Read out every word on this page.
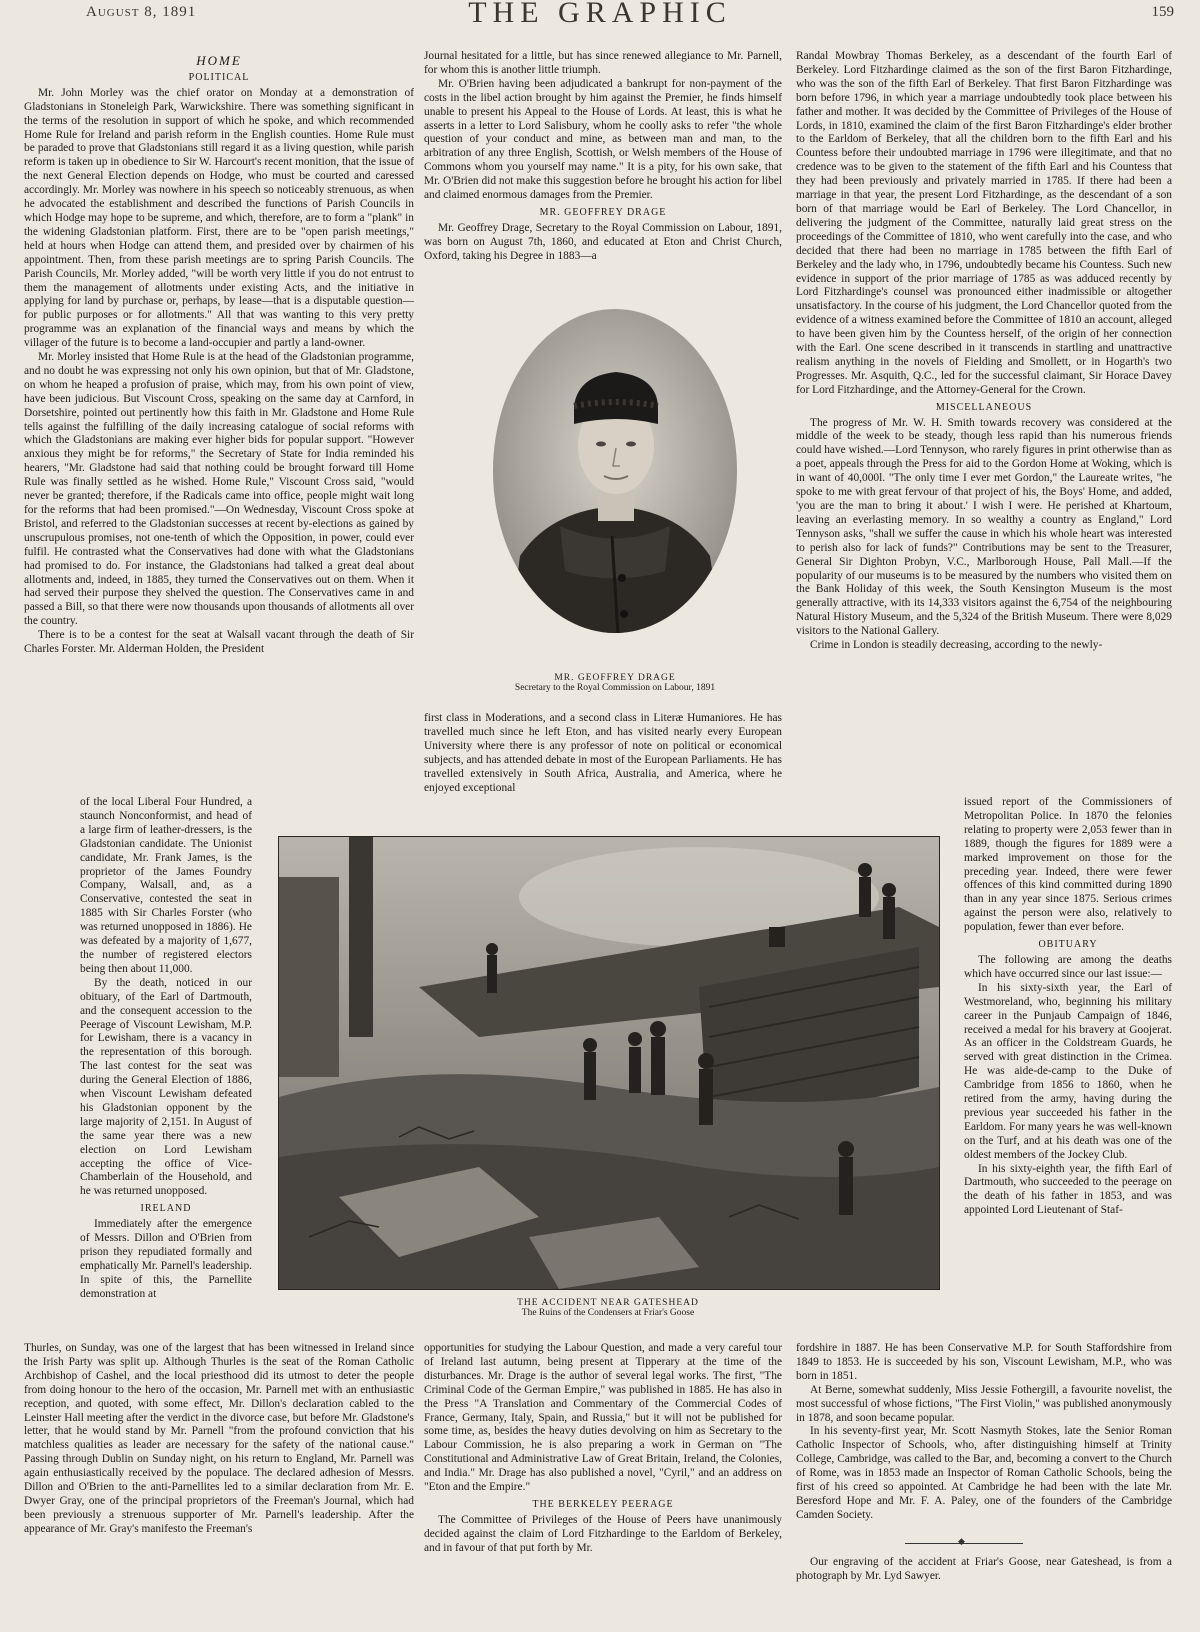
August 8, 1891	THE GRAPHIC	159
HOME
POLITICAL

Mr. John Morley was the chief orator on Monday at a demonstration of Gladstonians in Stoneleigh Park, Warwickshire. There was something significant in the terms of the resolution in support of which he spoke, and which recommended Home Rule for Ireland and parish reform in the English counties. Home Rule must be paraded to prove that Gladstonians still regard it as a living question, while parish reform is taken up in obedience to Sir W. Harcourt's recent monition, that the issue of the next General Election depends on Hodge, who must be courted and caressed accordingly. Mr. Morley was nowhere in his speech so noticeably strenuous, as when he advocated the establishment and described the functions of Parish Councils in which Hodge may hope to be supreme, and which, therefore, are to form a "plank" in the widening Gladstonian platform. First, there are to be "open parish meetings," held at hours when Hodge can attend them, and presided over by chairmen of his appointment. Then, from these parish meetings are to spring Parish Councils. The Parish Councils, Mr. Morley added, "will be worth very little if you do not entrust to them the management of allotments under existing Acts, and the initiative in applying for land by purchase or, perhaps, by lease—that is a disputable question—for public purposes or for allotments." All that was wanting to this very pretty programme was an explanation of the financial ways and means by which the villager of the future is to become a land-occupier and partly a land-owner.

Mr. Morley insisted that Home Rule is at the head of the Gladstonian programme, and no doubt he was expressing not only his own opinion, but that of Mr. Gladstone, on whom he heaped a profusion of praise, which may, from his own point of view, have been judicious. But Viscount Cross, speaking on the same day at Carnford, in Dorsetshire, pointed out pertinently how this faith in Mr. Gladstone and Home Rule tells against the fulfilling of the daily increasing catalogue of social reforms with which the Gladstonians are making ever higher bids for popular support. "However anxious they might be for reforms," the Secretary of State for India reminded his hearers, "Mr. Gladstone had said that nothing could be brought forward till Home Rule was finally settled as he wished. Home Rule," Viscount Cross said, "would never be granted; therefore, if the Radicals came into office, people might wait long for the reforms that had been promised."—On Wednesday, Viscount Cross spoke at Bristol, and referred to the Gladstonian successes at recent by-elections as gained by unscrupulous promises, not one-tenth of which the Opposition, in power, could ever fulfil. He contrasted what the Conservatives had done with what the Gladstonians had promised to do. For instance, the Gladstonians had talked a great deal about allotments and, indeed, in 1885, they turned the Conservatives out on them. When it had served their purpose they shelved the question. The Conservatives came in and passed a Bill, so that there were now thousands upon thousands of allotments all over the country.

There is to be a contest for the seat at Walsall vacant through the death of Sir Charles Forster. Mr. Alderman Holden, the President

of the local Liberal Four Hundred, a staunch Nonconformist, and head of a large firm of leather-dressers, is the Gladstonian candidate. The Unionist candidate, Mr. Frank James, is the proprietor of the James Foundry Company, Walsall, and, as a Conservative, contested the seat in 1885 with Sir Charles Forster (who was returned unopposed in 1886). He was defeated by a majority of 1,677, the number of registered electors being then about 11,000.

By the death, noticed in our obituary, of the Earl of Dartmouth, and the consequent accession to the Peerage of Viscount Lewisham, M.P. for Lewisham, there is a vacancy in the representation of this borough. The last contest for the seat was during the General Election of 1886, when Viscount Lewisham defeated his Gladstonian opponent by the large majority of 2,151. In August of the same year there was a new election on Lord Lewisham accepting the office of Vice-Chamberlain of the Household, and he was returned unopposed.

IRELAND

Immediately after the emergence of Messrs. Dillon and O'Brien from prison they repudiated formally and emphatically Mr. Parnell's leadership. In spite of this, the Parnellite demonstration at

Thurles, on Sunday, was one of the largest that has been witnessed in Ireland since the Irish Party was split up. Although Thurles is the seat of the Roman Catholic Archbishop of Cashel, and the local priesthood did its utmost to deter the people from doing honour to the hero of the occasion, Mr. Parnell met with an enthusiastic reception, and quoted, with some effect, Mr. Dillon's declaration cabled to the Leinster Hall meeting after the verdict in the divorce case, but before Mr. Gladstone's letter, that he would stand by Mr. Parnell "from the profound conviction that his matchless qualities as leader are necessary for the safety of the national cause." Passing through Dublin on Sunday night, on his return to England, Mr. Parnell was again enthusiastically received by the populace. The declared adhesion of Messrs. Dillon and O'Brien to the anti-Parnellites led to a similar declaration from Mr. E. Dwyer Gray, one of the principal proprietors of the Freeman's Journal, which had been previously a strenuous supporter of Mr. Parnell's leadership. After the appearance of Mr. Gray's manifesto the Freeman's

Journal hesitated for a little, but has since renewed allegiance to Mr. Parnell, for whom this is another little triumph.

Mr. O'Brien having been adjudicated a bankrupt for non-payment of the costs in the libel action brought by him against the Premier, he finds himself unable to present his Appeal to the House of Lords. At least, this is what he asserts in a letter to Lord Salisbury, whom he coolly asks to refer "the whole question of your conduct and mine, as between man and man, to the arbitration of any three English, Scottish, or Welsh members of the House of Commons whom you yourself may name." It is a pity, for his own sake, that Mr. O'Brien did not make this suggestion before he brought his action for libel and claimed enormous damages from the Premier.

MR. GEOFFREY DRAGE

Mr. Geoffrey Drage, Secretary to the Royal Commission on Labour, 1891, was born on August 7th, 1860, and educated at Eton and Christ Church, Oxford, taking his Degree in 1883—a

MR. GEOFFREY DRAGE
Secretary to the Royal Commission on Labour, 1891

first class in Moderations, and a second class in Literæ Humaniores. He has travelled much since he left Eton, and has visited nearly every European University where there is any professor of note on political or economical subjects, and has attended debate in most of the European Parliaments. He has travelled extensively in South Africa, Australia, and America, where he enjoyed exceptional

THE ACCIDENT NEAR GATESHEAD
The Ruins of the Condensers at Friar's Goose

opportunities for studying the Labour Question, and made a very careful tour of Ireland last autumn, being present at Tipperary at the time of the disturbances. Mr. Drage is the author of several legal works. The first, "The Criminal Code of the German Empire," was published in 1885. He has also in the Press "A Translation and Commentary of the Commercial Codes of France, Germany, Italy, Spain, and Russia," but it will not be published for some time, as, besides the heavy duties devolving on him as Secretary to the Labour Commission, he is also preparing a work in German on "The Constitutional and Administrative Law of Great Britain, Ireland, the Colonies, and India." Mr. Drage has also published a novel, "Cyril," and an address on "Eton and the Empire."

THE BERKELEY PEERAGE

The Committee of Privileges of the House of Peers have unanimously decided against the claim of Lord Fitzhardinge to the Earldom of Berkeley, and in favour of that put forth by Mr.

Randal Mowbray Thomas Berkeley, as a descendant of the fourth Earl of Berkeley. Lord Fitzhardinge claimed as the son of the first Baron Fitzhardinge, who was the son of the fifth Earl of Berkeley. That first Baron Fitzhardinge was born before 1796, in which year a marriage undoubtedly took place between his father and mother. It was decided by the Committee of Privileges of the House of Lords, in 1810, examined the claim of the first Baron Fitzhardinge's elder brother to the Earldom of Berkeley, that all the children born to the fifth Earl and his Countess before their undoubted marriage in 1796 were illegitimate, and that no credence was to be given to the statement of the fifth Earl and his Countess that they had been previously and privately married in 1785. If there had been a marriage in that year, the present Lord Fitzhardinge, as the descendant of a son born of that marriage would be Earl of Berkeley. The Lord Chancellor, in delivering the judgment of the Committee, naturally laid great stress on the proceedings of the Committee of 1810, who went carefully into the case, and who decided that there had been no marriage in 1785 between the fifth Earl of Berkeley and the lady who, in 1796, undoubtedly became his Countess. Such new evidence in support of the prior marriage of 1785 as was adduced recently by Lord Fitzhardinge's counsel was pronounced either inadmissible or altogether unsatisfactory. In the course of his judgment, the Lord Chancellor quoted from the evidence of a witness examined before the Committee of 1810 an account, alleged to have been given him by the Countess herself, of the origin of her connection with the Earl. One scene described in it transcends in startling and unattractive realism anything in the novels of Fielding and Smollett, or in Hogarth's two Progresses. Mr. Asquith, Q.C., led for the successful claimant, Sir Horace Davey for Lord Fitzhardinge, and the Attorney-General for the Crown.

MISCELLANEOUS

The progress of Mr. W. H. Smith towards recovery was considered at the middle of the week to be steady, though less rapid than his numerous friends could have wished.—Lord Tennyson, who rarely figures in print otherwise than as a poet, appeals through the Press for aid to the Gordon Home at Woking, which is in want of 40,000l. "The only time I ever met Gordon," the Laureate writes, "he spoke to me with great fervour of that project of his, the Boys' Home, and added, 'you are the man to bring it about.' I wish I were. He perished at Khartoum, leaving an everlasting memory. In so wealthy a country as England," Lord Tennyson asks, "shall we suffer the cause in which his whole heart was interested to perish also for lack of funds?" Contributions may be sent to the Treasurer, General Sir Dighton Probyn, V.C., Marlborough House, Pall Mall.—If the popularity of our museums is to be measured by the numbers who visited them on the Bank Holiday of this week, the South Kensington Museum is the most generally attractive, with its 14,333 visitors against the 6,754 of the neighbouring Natural History Museum, and the 5,324 of the British Museum. There were 8,029 visitors to the National Gallery.

Crime in London is steadily decreasing, according to the newly-

issued report of the Commissioners of Metropolitan Police. In 1870 the felonies relating to property were 2,053 fewer than in 1889, though the figures for 1889 were a marked improvement on those for the preceding year. Indeed, there were fewer offences of this kind committed during 1890 than in any year since 1875. Serious crimes against the person were also, relatively to population, fewer than ever before.

OBITUARY

The following are among the deaths which have occurred since our last issue:—

In his sixty-sixth year, the Earl of Westmoreland, who, beginning his military career in the Punjaub Campaign of 1846, received a medal for his bravery at Goojerat. As an officer in the Coldstream Guards, he served with great distinction in the Crimea. He was aide-de-camp to the Duke of Cambridge from 1856 to 1860, when he retired from the army, having during the previous year succeeded his father in the Earldom. For many years he was well-known on the Turf, and at his death was one of the oldest members of the Jockey Club.

In his sixty-eighth year, the fifth Earl of Dartmouth, who succeeded to the peerage on the death of his father in 1853, and was appointed Lord Lieutenant of Staf-

fordshire in 1887. He has been Conservative M.P. for South Staffordshire from 1849 to 1853. He is succeeded by his son, Viscount Lewisham, M.P., who was born in 1851.

At Berne, somewhat suddenly, Miss Jessie Fothergill, a favourite novelist, the most successful of whose fictions, "The First Violin," was published anonymously in 1878, and soon became popular.

In his seventy-first year, Mr. Scott Nasmyth Stokes, late the Senior Roman Catholic Inspector of Schools, who, after distinguishing himself at Trinity College, Cambridge, was called to the Bar, and, becoming a convert to the Church of Rome, was in 1853 made an Inspector of Roman Catholic Schools, being the first of his creed so appointed. At Cambridge he had been with the late Mr. Beresford Hope and Mr. F. A. Paley, one of the founders of the Cambridge Camden Society.

◆

Our engraving of the accident at Friar's Goose, near Gateshead, is from a photograph by Mr. Lyd Sawyer.
